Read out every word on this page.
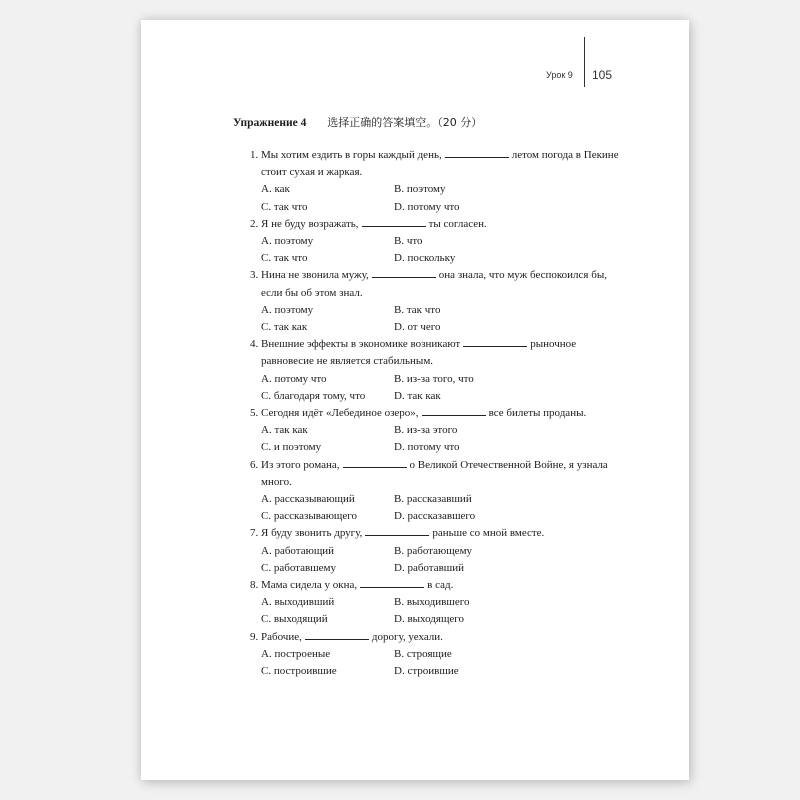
Урок 9 105
Упражнение 4 选择正确的答案填空。（20 分）
1. Мы хотим ездить в горы каждый день,	летом погода в Пекине
стоит сухая и жаркая.
A. как	B. поэтому
C. так что	D. потому что
2. Я не буду возражать,	ты согласен.
A. поэтому	B. что
C. так что	D. поскольку
3. Нина не звонила мужу,	она знала, что муж беспокоился бы,
если бы об этом знал.
A. поэтому	B. так что
C. так как	D. от чего
4. Внешние эффекты в экономике возникают	рыночное
равновесие не является стабильным.
A. потому что	B. из-за того, что
C. благодаря тому, что	D. так как
5. Сегодня идёт «Лебединое озеро»,	все билеты проданы.
A. так как	B. из-за этого
C. и поэтому	D. потому что
6. Из этого романа,	о Великой Отечественной Войне, я узнала
много.
A. рассказывающий	B. рассказавший
C. рассказывающего	D. рассказавшего
7. Я буду звонить другу,	раньше со мной вместе.
A. работающий	B. работающему
C. работавшему	D. работавший
8. Мама сидела у окна,	в сад.
A. выходивший	B. выходившего
C. выходящий	D. выходящего
9. Рабочие,	дорогу, уехали.
A. построеные	B. строящие
C. построившие	D. строившие
